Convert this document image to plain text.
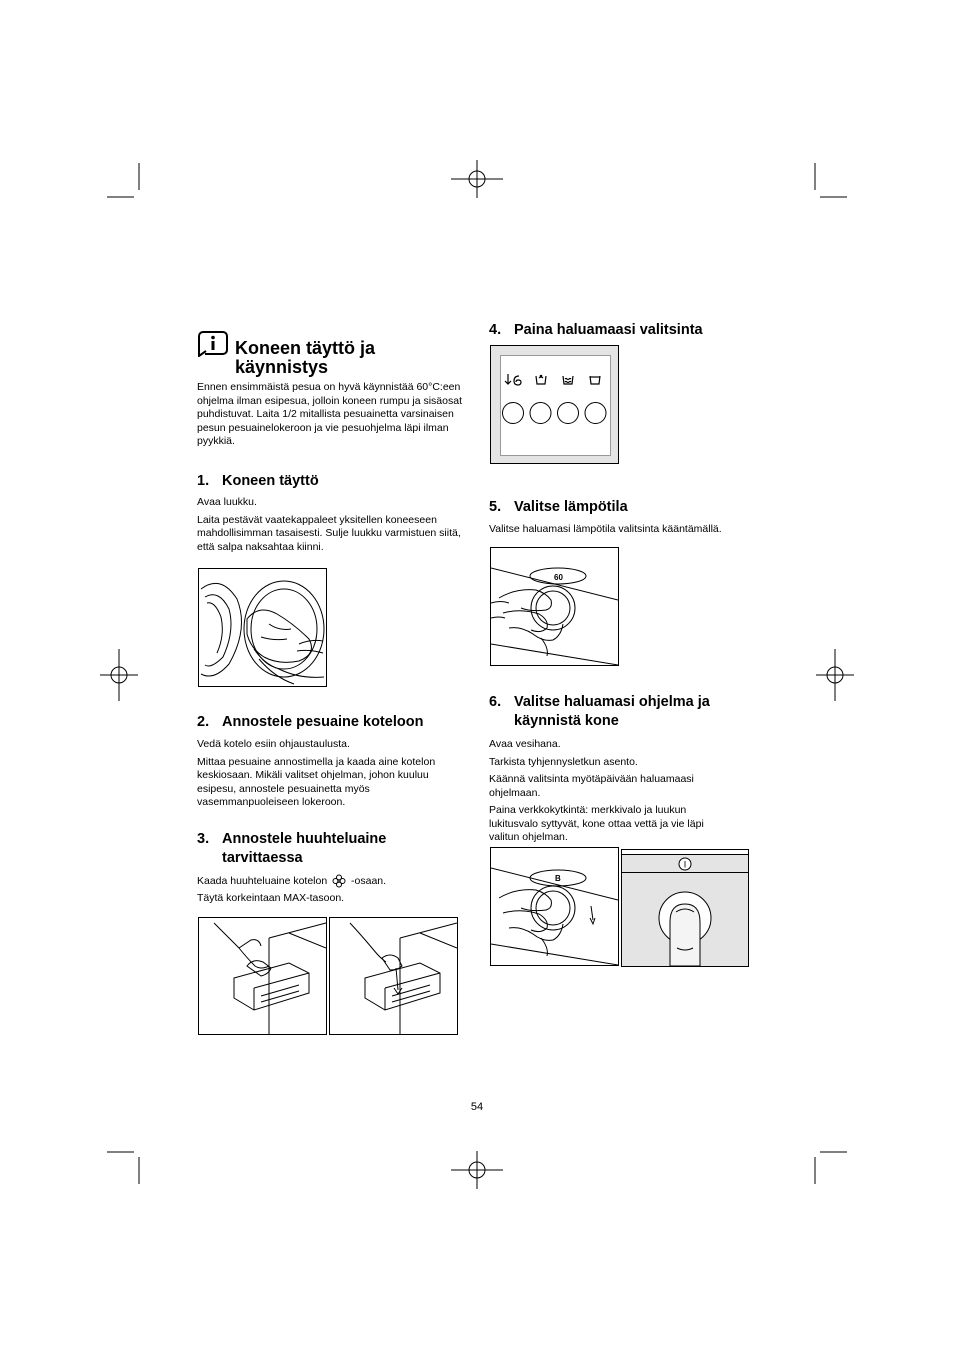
Koneen täyttö ja
käynnistys
Ennen ensimmäistä pesua on hyvä käynnistää 60°C:een ohjelma ilman esipesua, jolloin koneen rumpu ja sisäosat puhdistuvat. Laita 1/2 mitallista pesuainetta varsinaisen pesun pesuainelokeroon ja vie pesuohjelma läpi ilman pyykkiä.
1. Koneen täyttö
Avaa luukku.
Laita pestävät vaatekappaleet yksitellen koneeseen mahdollisimman tasaisesti. Sulje luukku varmistuen siitä, että salpa naksahtaa kiinni.
2. Annostele pesuaine koteloon
Vedä kotelo esiin ohjaustaulusta.
Mittaa pesuaine annostimella ja kaada aine kotelon keskiosaan. Mikäli valitset ohjelman, johon kuuluu esipesu, annostele pesuainetta myös vasemmanpuoleiseen lokeroon.
3. Annostele huuhteluaine
tarvittaessa
Kaada huuhteluaine kotelon -osaan.
Täytä korkeintaan MAX-tasoon.
4. Paina haluamaasi valitsinta
5. Valitse lämpötila
Valitse haluamasi lämpötila valitsinta kääntämällä.
60
6. Valitse haluamasi ohjelma ja
käynnistä kone
Avaa vesihana.
Tarkista tyhjennysletkun asento.
Käännä valitsinta myötäpäivään haluamaasi ohjelmaan.
Paina verkkokytkintä: merkkivalo ja luukun lukitusvalo syttyvät, kone ottaa vettä ja vie läpi valitun ohjelman.
B
I
54
